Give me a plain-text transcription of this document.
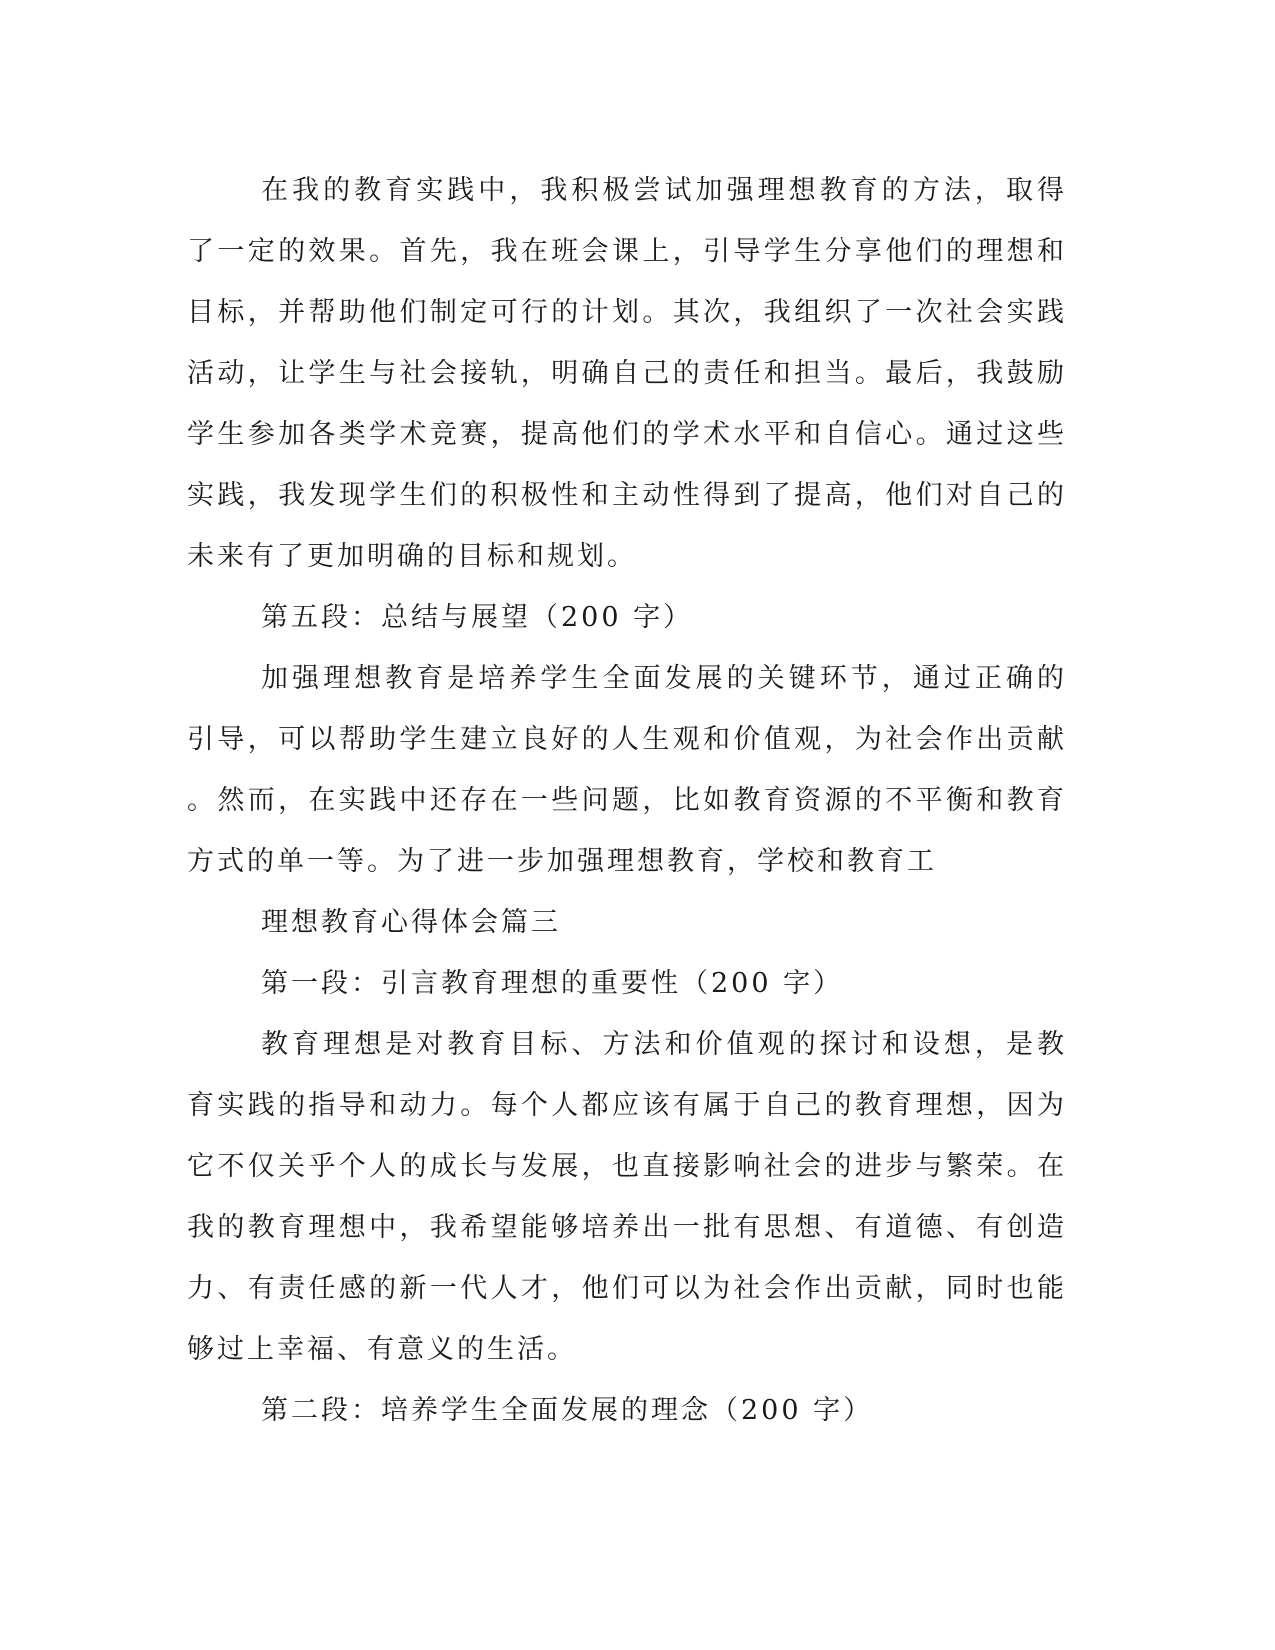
在我的教育实践中，我积极尝试加强理想教育的方法，取得了一定的效果。首先，我在班会课上，引导学生分享他们的理想和目标，并帮助他们制定可行的计划。其次，我组织了一次社会实践活动，让学生与社会接轨，明确自己的责任和担当。最后，我鼓励学生参加各类学术竞赛，提高他们的学术水平和自信心。通过这些实践，我发现学生们的积极性和主动性得到了提高，他们对自己的未来有了更加明确的目标和规划。

第五段：总结与展望（200 字）

加强理想教育是培养学生全面发展的关键环节，通过正确的引导，可以帮助学生建立良好的人生观和价值观，为社会作出贡献。然而，在实践中还存在一些问题，比如教育资源的不平衡和教育方式的单一等。为了进一步加强理想教育，学校和教育工

理想教育心得体会篇三

第一段：引言教育理想的重要性（200 字）

教育理想是对教育目标、方法和价值观的探讨和设想，是教育实践的指导和动力。每个人都应该有属于自己的教育理想，因为它不仅关乎个人的成长与发展，也直接影响社会的进步与繁荣。在我的教育理想中，我希望能够培养出一批有思想、有道德、有创造力、有责任感的新一代人才，他们可以为社会作出贡献，同时也能够过上幸福、有意义的生活。

第二段：培养学生全面发展的理念（200 字）
